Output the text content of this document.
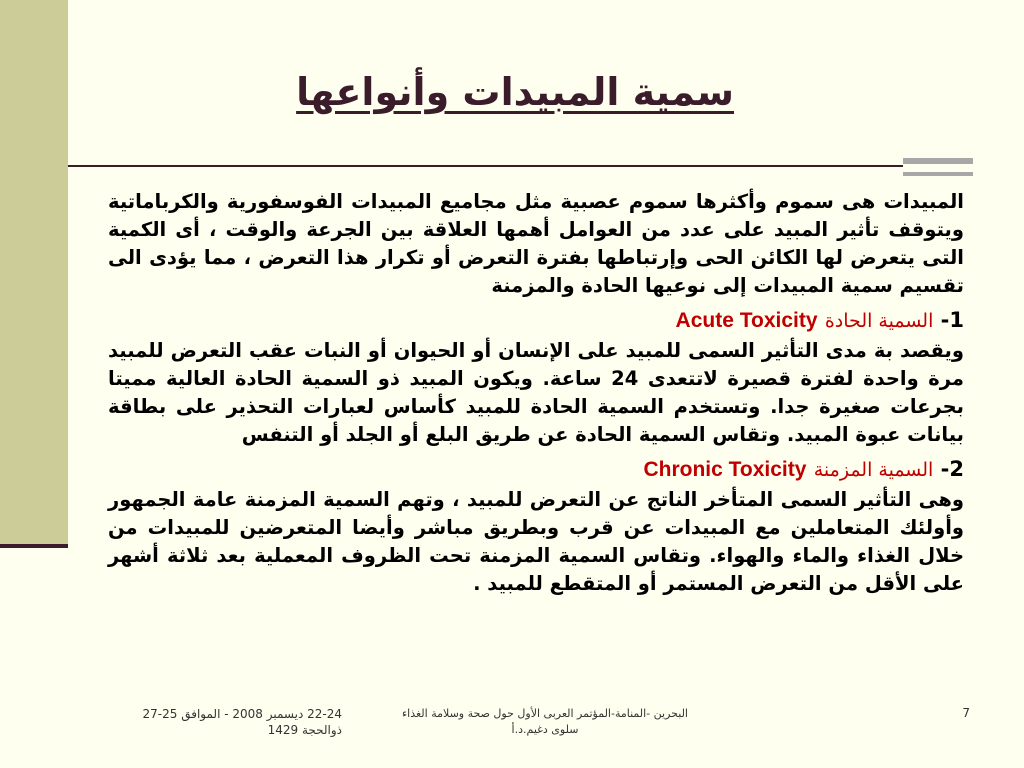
سمية المبيدات وأنواعها

المبيدات هى سموم وأكثرها سموم عصبية مثل مجاميع المبيدات الفوسفورية والكرباماتية ويتوقف تأثير المبيد على عدد من العوامل أهمها العلاقة بين الجرعة والوقت ، أى الكمية التى يتعرض لها الكائن الحى وإرتباطها بفترة التعرض أو تكرار هذا التعرض ، مما يؤدى الى تقسيم سمية المبيدات إلى نوعيها الحادة والمزمنة

1- السمية الحادة Acute Toxicity

ويقصد بة مدى التأثير السمى للمبيد على الإنسان أو الحيوان أو النبات عقب التعرض للمبيد مرة واحدة لفترة قصيرة لاتتعدى 24 ساعة. ويكون المبيد ذو السمية الحادة العالية مميتا بجرعات صغيرة جدا. وتستخدم السمية الحادة للمبيد كأساس لعبارات التحذير على بطاقة بيانات عبوة المبيد. وتقاس السمية الحادة عن طريق البلع أو الجلد أو التنفس

2- السمية المزمنة Chronic Toxicity

وهى التأثير السمى المتأخر الناتج عن التعرض للمبيد ، وتهم السمية المزمنة عامة الجمهور وأولئك المتعاملين مع المبيدات عن قرب وبطريق مباشر وأيضا المتعرضين للمبيدات من خلال الغذاء والماء والهواء. وتقاس السمية المزمنة تحت الظروف المعملية بعد ثلاثة أشهر على الأقل من التعرض المستمر أو المتقطع للمبيد .

22-24 ديسمبر 2008 - الموافق 25-27
ذوالحجة 1429
البحرين -المنامة-المؤتمر العربى الأول حول صحة وسلامة الغذاء
سلوى دغيم.د.أ
7
